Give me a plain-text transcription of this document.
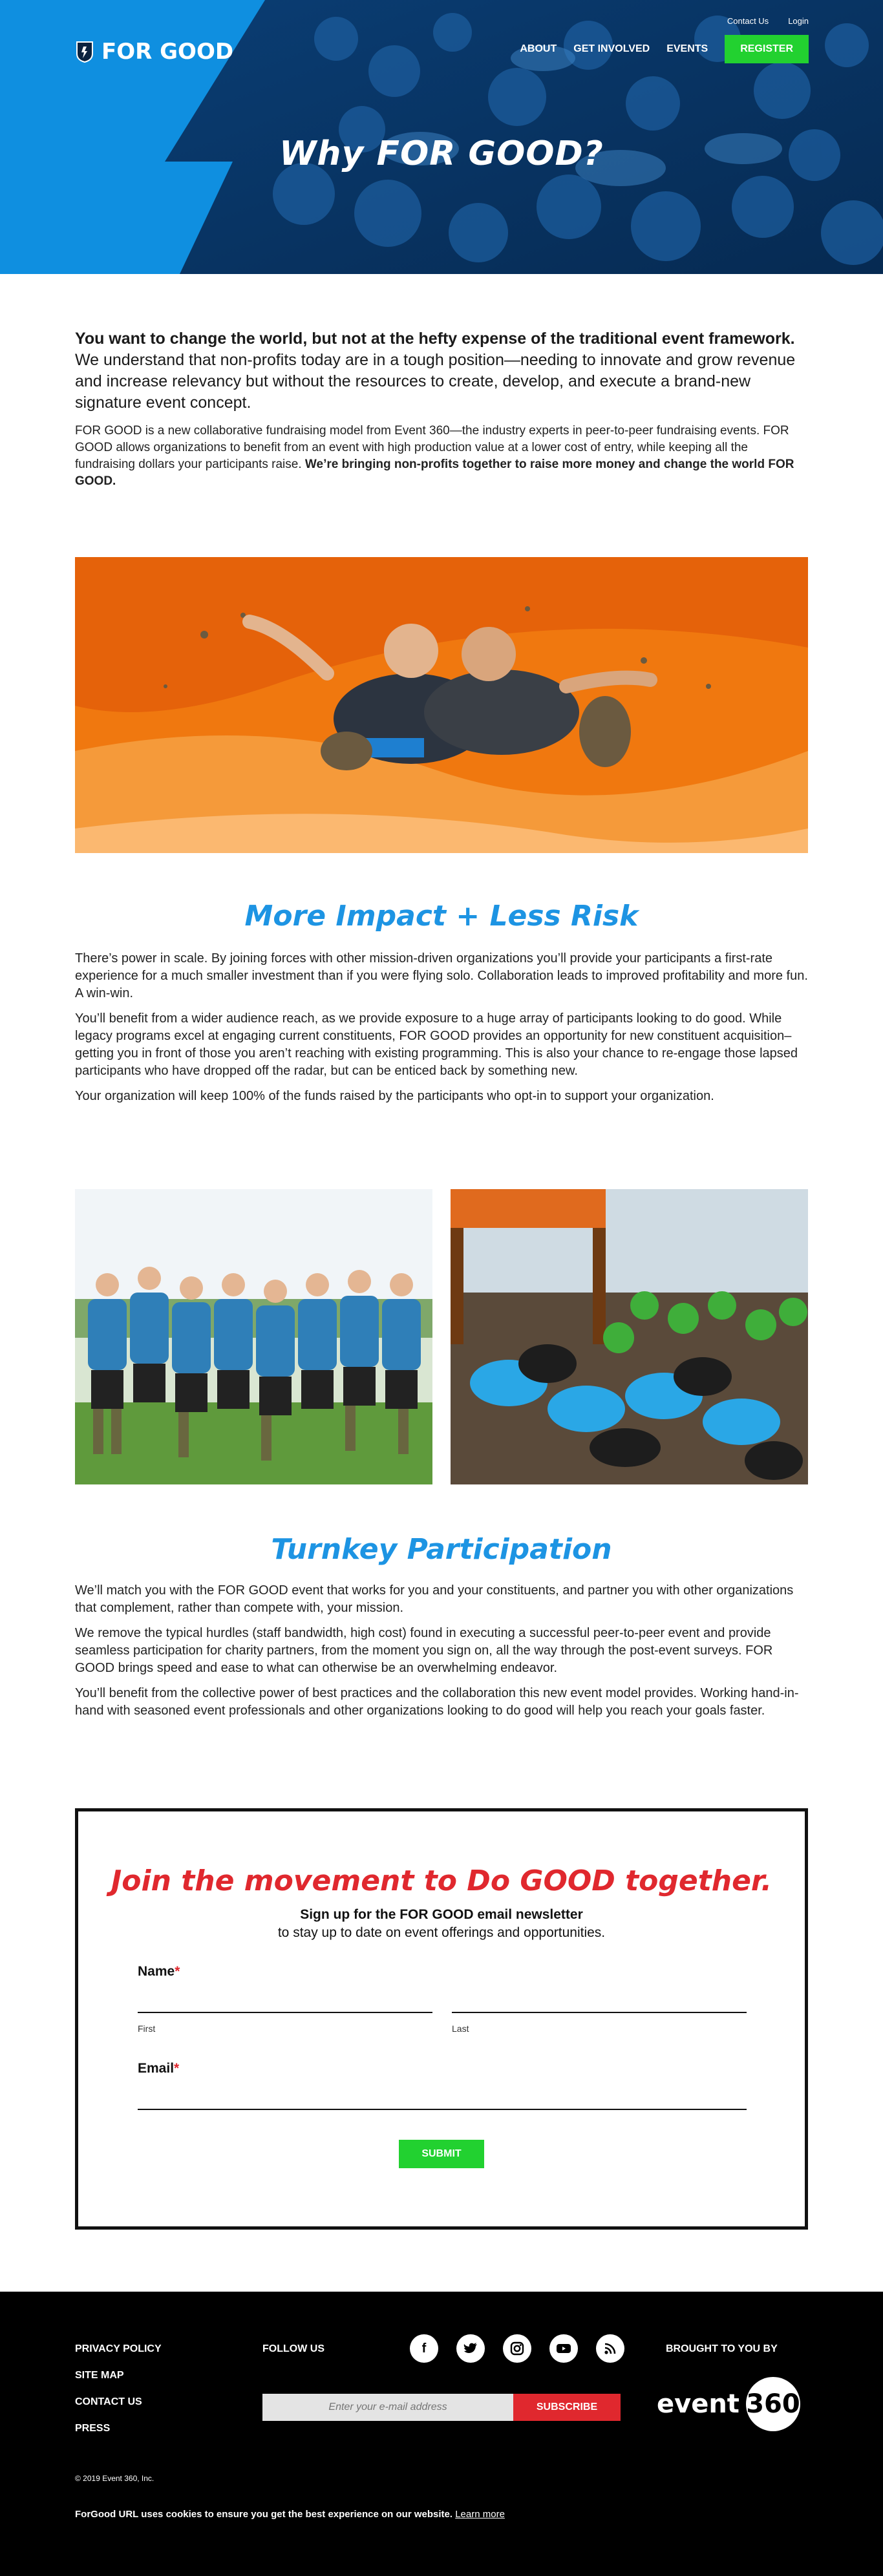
Contact Us Login
FOR GOOD	ABOUT GET INVOLVED EVENTS	REGISTER
Why FOR GOOD?

You want to change the world, but not at the hefty expense of the traditional event framework. We understand that non-profits today are in a tough position—needing to innovate and grow revenue and increase relevancy but without the resources to create, develop, and execute a brand-new signature event concept.

FOR GOOD is a new collaborative fundraising model from Event 360—the industry experts in peer-to-peer fundraising events. FOR GOOD allows organizations to benefit from an event with high production value at a lower cost of entry, while keeping all the fundraising dollars your participants raise. We’re bringing non-profits together to raise more money and change the world FOR GOOD.

More Impact + Less Risk

There’s power in scale. By joining forces with other mission-driven organizations you’ll provide your participants a first-rate experience for a much smaller investment than if you were flying solo. Collaboration leads to improved profitability and more fun. A win-win.

You’ll benefit from a wider audience reach, as we provide exposure to a huge array of participants looking to do good. While legacy programs excel at engaging current constituents, FOR GOOD provides an opportunity for new constituent acquisition–getting you in front of those you aren’t reaching with existing programming. This is also your chance to re-engage those lapsed participants who have dropped off the radar, but can be enticed back by something new.

Your organization will keep 100% of the funds raised by the participants who opt-in to support your organization.

Turnkey Participation

We’ll match you with the FOR GOOD event that works for you and your constituents, and partner you with other organizations that complement, rather than compete with, your mission.

We remove the typical hurdles (staff bandwidth, high cost) found in executing a successful peer-to-peer event and provide seamless participation for charity partners, from the moment you sign on, all the way through the post-event surveys. FOR GOOD brings speed and ease to what can otherwise be an overwhelming endeavor.

You’ll benefit from the collective power of best practices and the collaboration this new event model provides. Working hand-in-hand with seasoned event professionals and other organizations looking to do good will help you reach your goals faster.

Join the movement to Do GOOD together.

Sign up for the FOR GOOD email newsletter

to stay up to date on event offerings and opportunities.

Name*
First	Last
Email*
SUBMIT
PRIVACY POLICY
SITE MAP
CONTACT US
PRESS
FOLLOW US	f	BROUGHT TO YOU BY
Enter your e-mail address
SUBSCRIBE	event 360
© 2019 Event 360, Inc.
ForGood URL uses cookies to ensure you get the best experience on our website. Learn more
